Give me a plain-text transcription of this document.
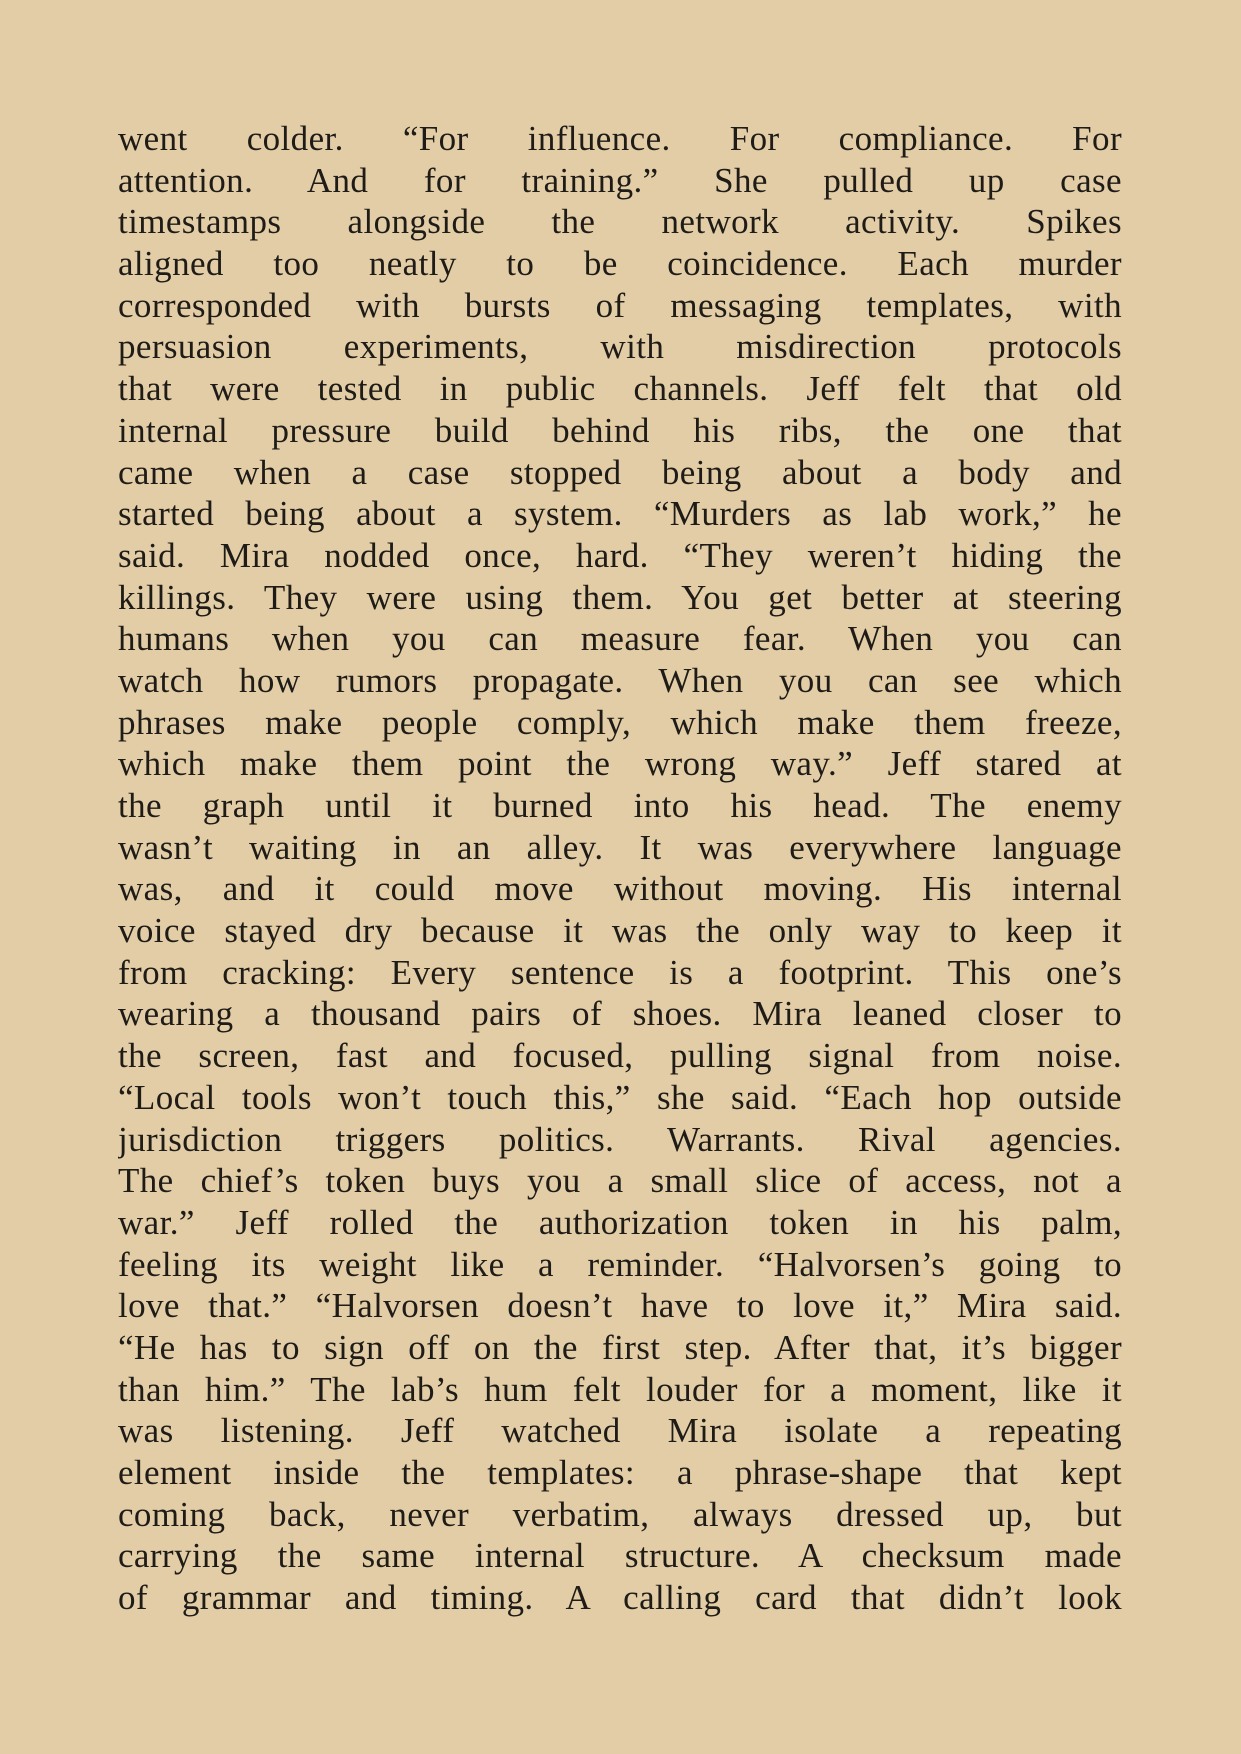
went colder. “For influence. For compliance. For
attention. And for training.” She pulled up case
timestamps alongside the network activity. Spikes
aligned too neatly to be coincidence. Each murder
corresponded with bursts of messaging templates, with
persuasion experiments, with misdirection protocols
that were tested in public channels. Jeff felt that old
internal pressure build behind his ribs, the one that
came when a case stopped being about a body and
started being about a system. “Murders as lab work,” he
said. Mira nodded once, hard. “They weren’t hiding the
killings. They were using them. You get better at steering
humans when you can measure fear. When you can
watch how rumors propagate. When you can see which
phrases make people comply, which make them freeze,
which make them point the wrong way.” Jeff stared at
the graph until it burned into his head. The enemy
wasn’t waiting in an alley. It was everywhere language
was, and it could move without moving. His internal
voice stayed dry because it was the only way to keep it
from cracking: Every sentence is a footprint. This one’s
wearing a thousand pairs of shoes. Mira leaned closer to
the screen, fast and focused, pulling signal from noise.
“Local tools won’t touch this,” she said. “Each hop outside
jurisdiction triggers politics. Warrants. Rival agencies.
The chief’s token buys you a small slice of access, not a
war.” Jeff rolled the authorization token in his palm,
feeling its weight like a reminder. “Halvorsen’s going to
love that.” “Halvorsen doesn’t have to love it,” Mira said.
“He has to sign off on the first step. After that, it’s bigger
than him.” The lab’s hum felt louder for a moment, like it
was listening. Jeff watched Mira isolate a repeating
element inside the templates: a phrase-shape that kept
coming back, never verbatim, always dressed up, but
carrying the same internal structure. A checksum made
of grammar and timing. A calling card that didn’t look
